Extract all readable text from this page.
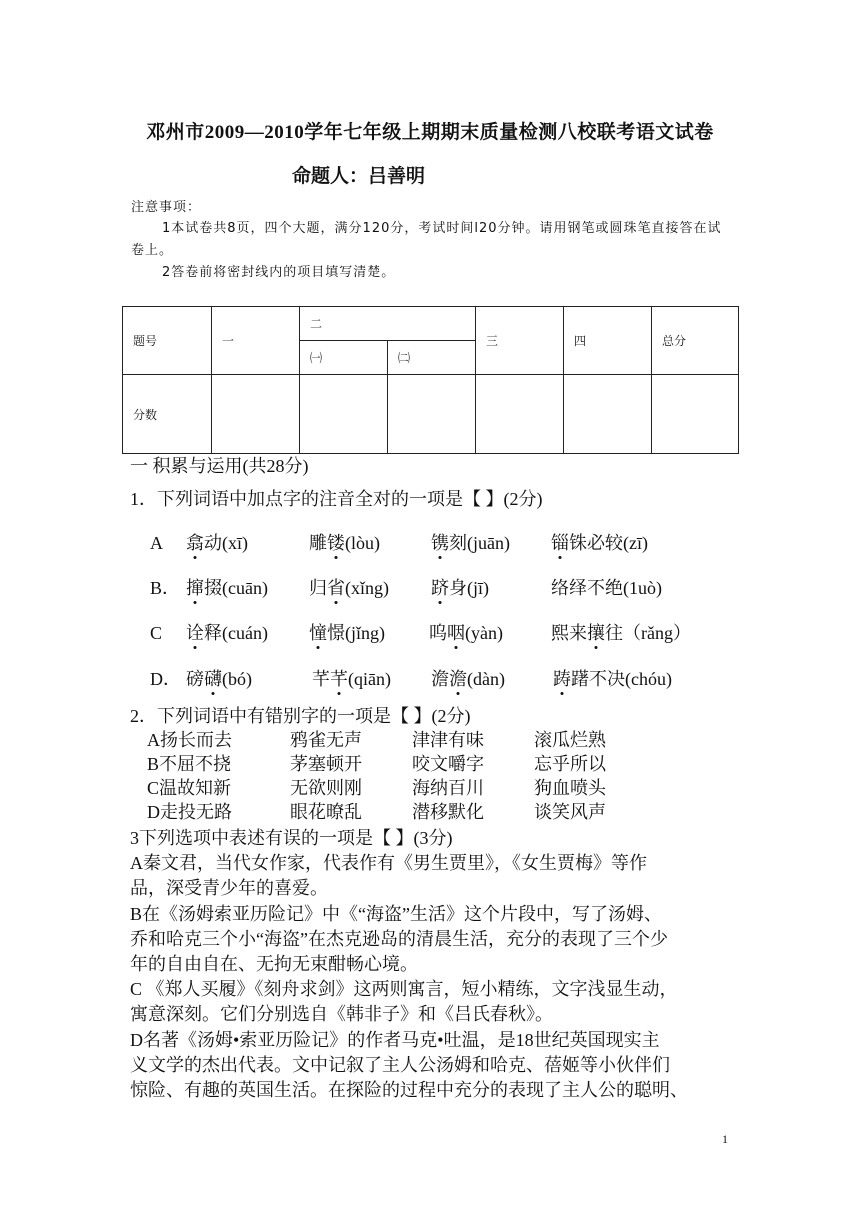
邓州市2009—2010学年七年级上期期末质量检测八校联考语文试卷
命题人：吕善明
注意事项：
1本试卷共8页，四个大题，满分120分，考试时间l20分钟。请用钢笔或圆珠笔直接答在试卷上。
2答卷前将密封线内的项目填写清楚。
题号	一	二		三	四	总分
		㈠	㈡			
分数						
一 积累与运用(共28分)
1．下列词语中加点字的注音全对的一项是【 】(2分)
A 翕动(xī)	雕镂(lòu)	镌刻(juān) 锱铢必较(zī)
B． 撺掇(cuān) 归省(xǐng) 跻身(jī)	络绎不绝(1uò)
C 诠释(cuán) 憧憬(jǐng) 呜咽(yàn)	熙来攘往（rǎng）
D． 磅礴(bó)	芊芊(qiān) 澹澹(dàn)	踌躇不决(chóu)
2．下列词语中有错别字的一项是【 】(2分)
A扬长而去	鸦雀无声	津津有味	滚瓜烂熟
B不屈不挠	茅塞顿开	咬文嚼字	忘乎所以
C温故知新	无欲则刚	海纳百川	狗血喷头
D走投无路	眼花暸乱	潜移默化	谈笑风声
3下列选项中表述有误的一项是【 】(3分)
A秦文君，当代女作家，代表作有《男生贾里》，《女生贾梅》等作
品，深受青少年的喜爱。
B在《汤姆索亚历险记》中《“海盗”生活》这个片段中，写了汤姆、
乔和哈克三个小“海盗”在杰克逊岛的清晨生活，充分的表现了三个少
年的自由自在、无拘无束酣畅心境。
C 《郑人买履》《刻舟求剑》这两则寓言，短小精练，文字浅显生动，
寓意深刻。它们分别选自《韩非子》和《吕氏春秋》。
D名著《汤姆•索亚历险记》的作者马克•吐温，是18世纪英国现实主
义文学的杰出代表。文中记叙了主人公汤姆和哈克、蓓姬等小伙伴们
惊险、有趣的英国生活。在探险的过程中充分的表现了主人公的聪明、
1
